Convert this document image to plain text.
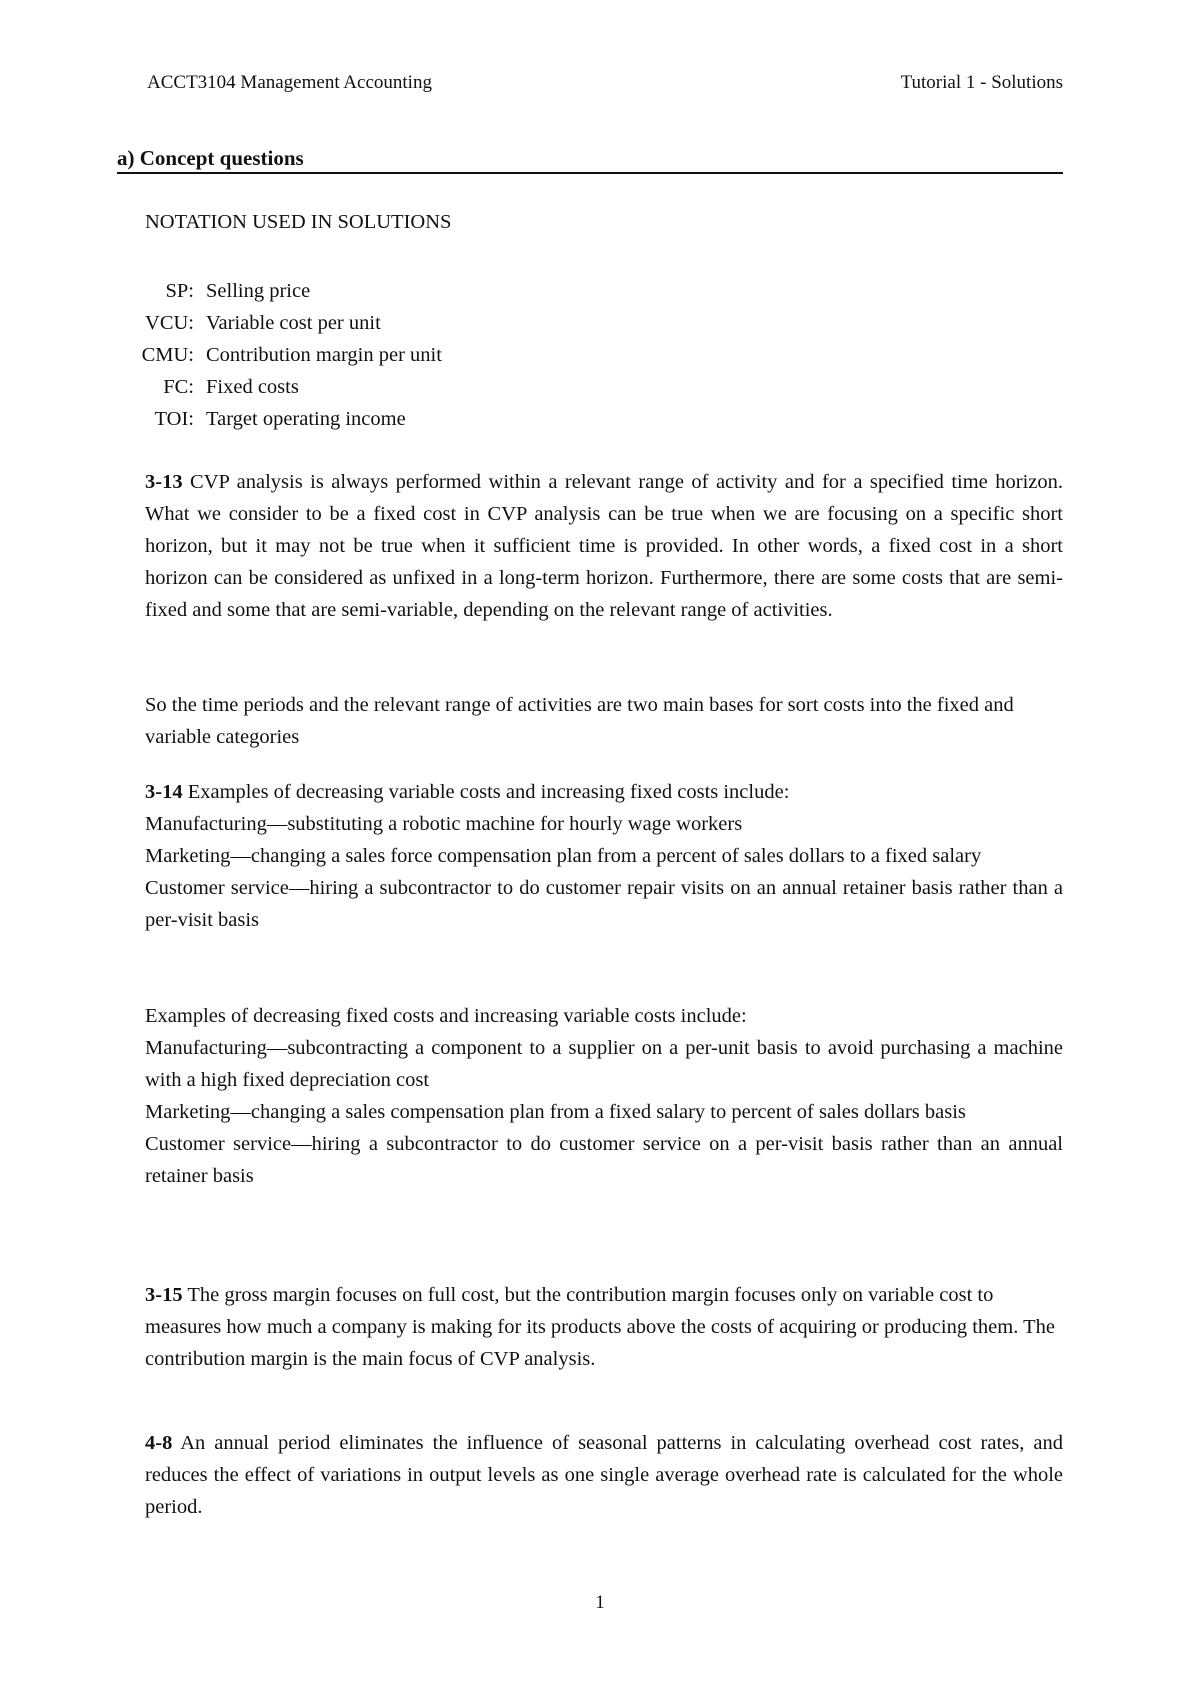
ACCT3104 Management Accounting	Tutorial 1 - Solutions
a) Concept questions
NOTATION USED IN SOLUTIONS
SP: Selling price
VCU: Variable cost per unit
CMU: Contribution margin per unit
FC: Fixed costs
TOI: Target operating income
3-13 CVP analysis is always performed within a relevant range of activity and for a specified time horizon. What we consider to be a fixed cost in CVP analysis can be true when we are focusing on a specific short horizon, but it may not be true when it sufficient time is provided. In other words, a fixed cost in a short horizon can be considered as unfixed in a long-term horizon. Furthermore, there are some costs that are semi-fixed and some that are semi-variable, depending on the relevant range of activities.
So the time periods and the relevant range of activities are two main bases for sort costs into the fixed and variable categories
3-14 Examples of decreasing variable costs and increasing fixed costs include:
Manufacturing—substituting a robotic machine for hourly wage workers
Marketing—changing a sales force compensation plan from a percent of sales dollars to a fixed salary
Customer service—hiring a subcontractor to do customer repair visits on an annual retainer basis rather than a per-visit basis
Examples of decreasing fixed costs and increasing variable costs include:
Manufacturing—subcontracting a component to a supplier on a per-unit basis to avoid purchasing a machine with a high fixed depreciation cost
Marketing—changing a sales compensation plan from a fixed salary to percent of sales dollars basis
Customer service—hiring a subcontractor to do customer service on a per-visit basis rather than an annual retainer basis
3-15 The gross margin focuses on full cost, but the contribution margin focuses only on variable cost to measures how much a company is making for its products above the costs of acquiring or producing them. The contribution margin is the main focus of CVP analysis.
4-8 An annual period eliminates the influence of seasonal patterns in calculating overhead cost rates, and reduces the effect of variations in output levels as one single average overhead rate is calculated for the whole period.
1
